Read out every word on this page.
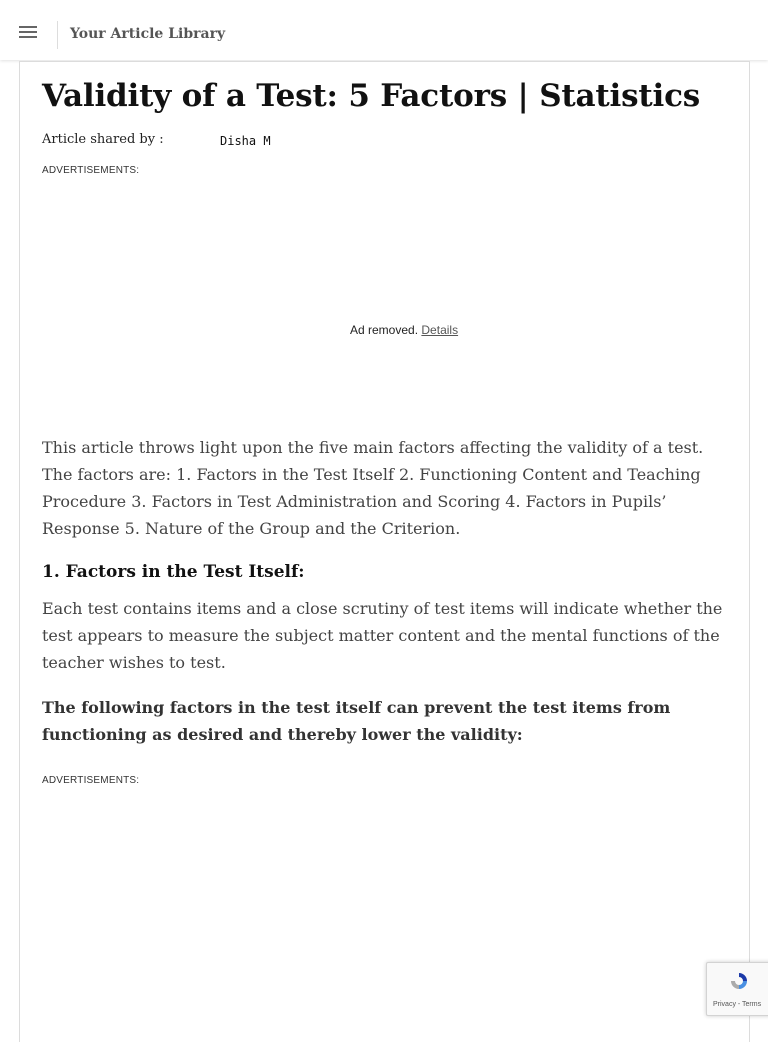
Your Article Library
Validity of a Test: 5 Factors | Statistics
Article shared by :	Disha M
ADVERTISEMENTS:
Ad removed. Details

This article throws light upon the five main factors affecting the validity of a test. The factors are: 1. Factors in the Test Itself 2. Functioning Content and Teaching Procedure 3. Factors in Test Administration and Scoring 4. Factors in Pupils’ Response 5. Nature of the Group and the Criterion.

1. Factors in the Test Itself:

Each test contains items and a close scrutiny of test items will indicate whether the test appears to measure the subject matter content and the mental functions of the teacher wishes to test.

The following factors in the test itself can prevent the test items from functioning as desired and thereby lower the validity:

ADVERTISEMENTS:
Privacy - Terms
